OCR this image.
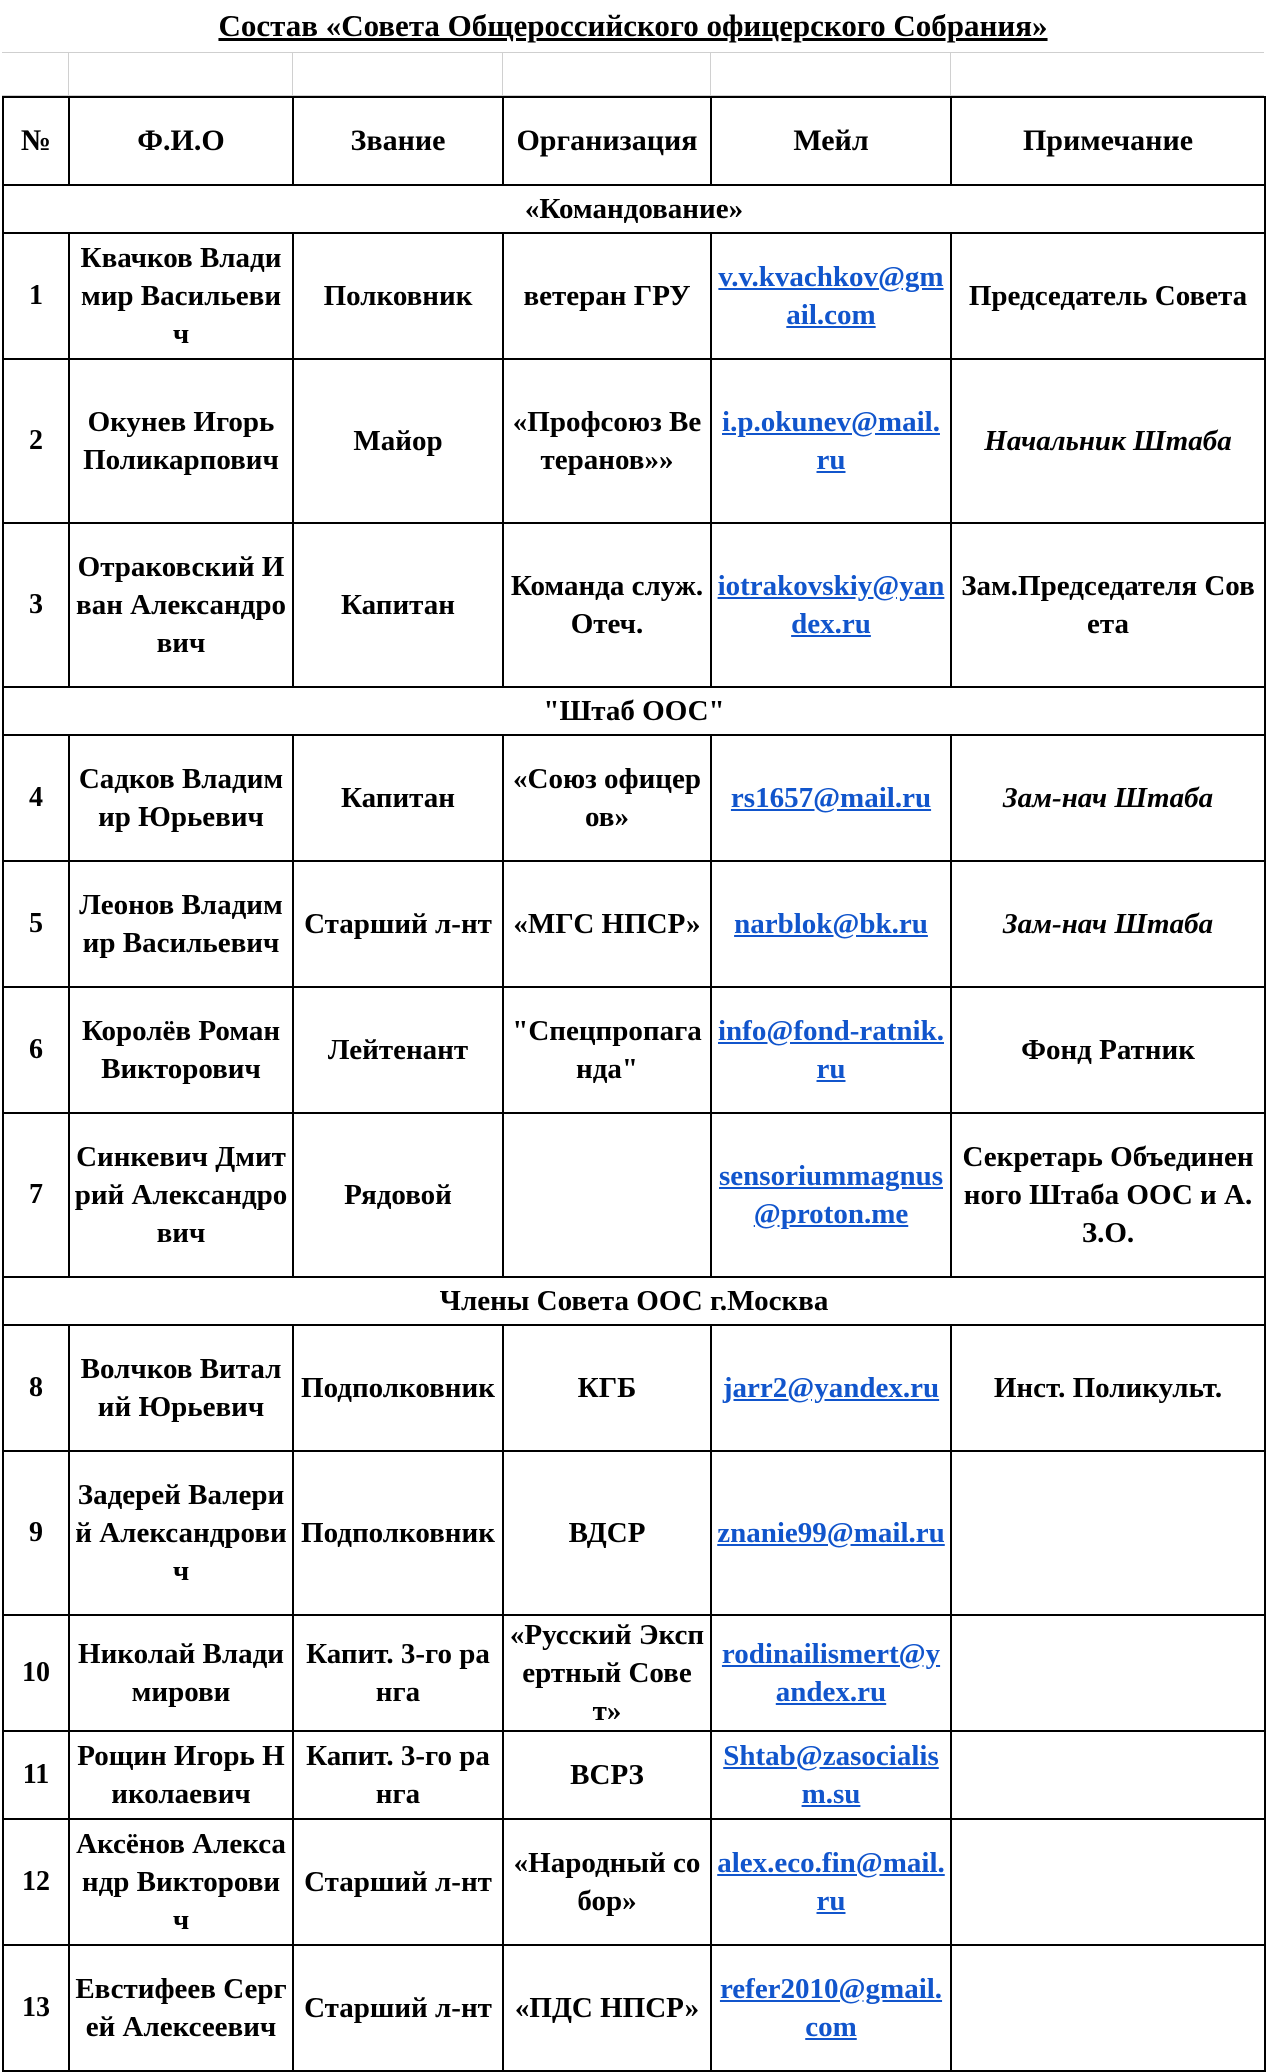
Состав «Совета Общероссийского офицерского Собрания»
№	Ф.И.О	Звание	Организация	Мейл	Примечание
«Командование»					
1	Квачков Владимир Васильевич	Полковник	ветеран ГРУ	v.v.kvachkov@gmail.com	Председатель Совета
2	Окунев Игорь Поликарпович	Майор	«Профсоюз Ветеранов»»	i.p.okunev@mail.ru	Начальник Штаба
3	Отраковский Иван Александрович	Капитан	Команда служ. Отеч.	iotrakovskiy@yandex.ru	Зам.Председателя Совета
"Штаб ООС"					
4	Садков Владимир Юрьевич	Капитан	«Союз офицеров»	rs1657@mail.ru	Зам-нач Штаба
5	Леонов Владимир Васильевич	Старший л-нт	«МГС НПСР»	narblok@bk.ru	Зам-нач Штаба
6	Королёв Роман Викторович	Лейтенант	"Спецпропаганда"	info@fond-ratnik.ru	Фонд Ратник
7	Синкевич Дмитрий Александрович	Рядовой		sensoriummagnus@proton.me	Секретарь Объединенного Штаба ООС и А.З.О.
Члены Совета ООС г.Москва					
8	Волчков Виталий Юрьевич	Подполковник	КГБ	jarr2@yandex.ru	Инст. Поликульт.
9	Задерей Валерий Александрович	Подполковник	ВДСР	znanie99@mail.ru	
10	Николай Владимирови	Капит. 3-го ранга	«Русский Экспертный Совет»	rodinailismert@yandex.ru	
11	Рощин Игорь Николаевич	Капит. 3-го ранга	ВСРЗ	Shtab@zasocialism.su	
12	Аксёнов Александр Викторович	Старший л-нт	«Народный собор»	alex.eco.fin@mail.ru	
13	Евстифеев Сергей Алексеевич	Старший л-нт	«ПДС НПСР»	refer2010@gmail.com	
